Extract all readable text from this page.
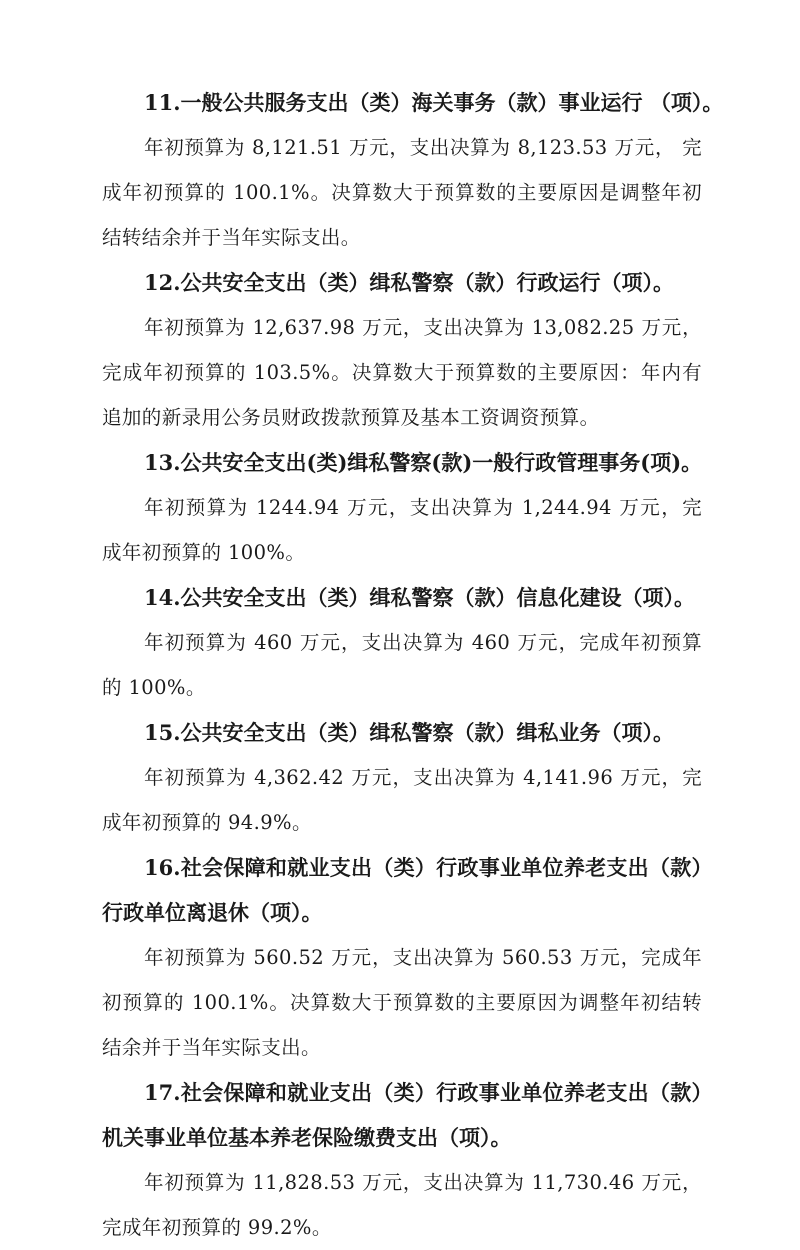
11.一般公共服务支出（类）海关事务（款）事业运行 （项）。

年初预算为 8,121.51 万元，支出决算为 8,123.53 万元， 完成年初预算的 100.1%。决算数大于预算数的主要原因是调整年初结转结余并于当年实际支出。

12.公共安全支出（类）缉私警察（款）行政运行（项）。

年初预算为 12,637.98 万元，支出决算为 13,082.25 万元，完成年初预算的 103.5%。决算数大于预算数的主要原因：年内有追加的新录用公务员财政拨款预算及基本工资调资预算。

13.公共安全支出(类)缉私警察(款)一般行政管理事务(项)。

年初预算为 1244.94 万元，支出决算为 1,244.94 万元，完成年初预算的 100%。

14.公共安全支出（类）缉私警察（款）信息化建设（项）。

年初预算为 460 万元，支出决算为 460 万元，完成年初预算的 100%。

15.公共安全支出（类）缉私警察（款）缉私业务（项）。

年初预算为 4,362.42 万元，支出决算为 4,141.96 万元，完成年初预算的 94.9%。

16.社会保障和就业支出（类）行政事业单位养老支出（款）行政单位离退休（项）。

年初预算为 560.52 万元，支出决算为 560.53 万元，完成年初预算的 100.1%。决算数大于预算数的主要原因为调整年初结转结余并于当年实际支出。

17.社会保障和就业支出（类）行政事业单位养老支出（款）机关事业单位基本养老保险缴费支出（项）。

年初预算为 11,828.53 万元，支出决算为 11,730.46 万元，完成年初预算的 99.2%。
